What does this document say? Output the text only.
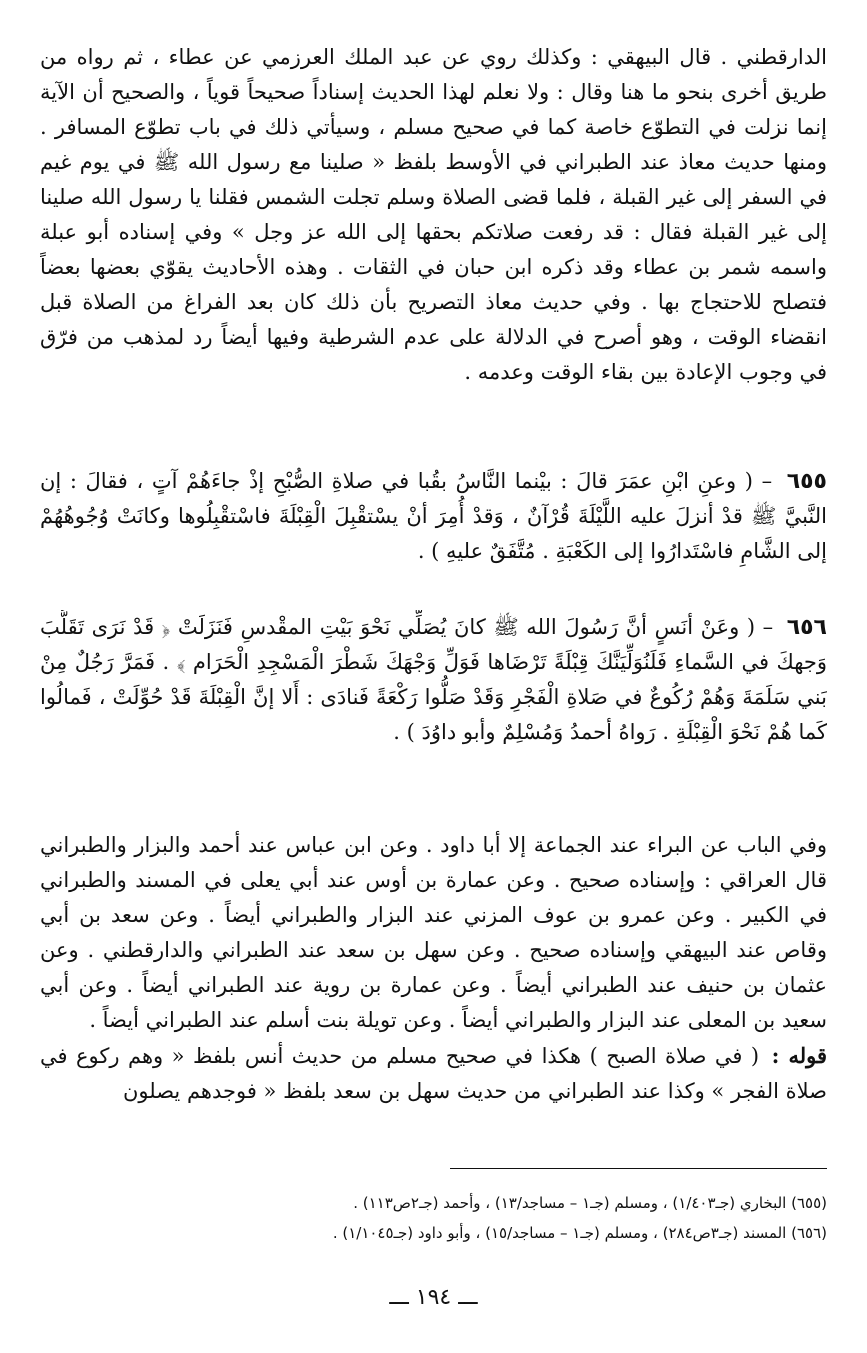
الدارقطني . قال البيهقي : وكذلك روي عن عبد الملك العرزمي عن عطاء ، ثم رواه من طريق أخرى بنحو ما هنا وقال : ولا نعلم لهذا الحديث إسناداً صحيحاً قوياً ، والصحيح أن الآية إنما نزلت في التطوّع خاصة كما في صحيح مسلم ، وسيأتي ذلك في باب تطوّع المسافر . ومنها حديث معاذ عند الطبراني في الأوسط بلفظ « صلينا مع رسول الله ﷺ في يوم غيم في السفر إلى غير القبلة ، فلما قضى الصلاة وسلم تجلت الشمس فقلنا يا رسول الله صلينا إلى غير القبلة فقال : قد رفعت صلاتكم بحقها إلى الله عز وجل » وفي إسناده أبو عبلة واسمه شمر بن عطاء وقد ذكره ابن حبان في الثقات . وهذه الأحاديث يقوّي بعضها بعضاً فتصلح للاحتجاج بها . وفي حديث معاذ التصريح بأن ذلك كان بعد الفراغ من الصلاة قبل انقضاء الوقت ، وهو أصرح في الدلالة على عدم الشرطية وفيها أيضاً رد لمذهب من فرّق في وجوب الإعادة بين بقاء الوقت وعدمه .

٦٥٥ – ( وعنِ ابْنِ عمَرَ قالَ : بيْنما النَّاسُ بقُبا في صلاةِ الصُّبْحِ إذْ جاءَهُمْ آتٍ ، فقالَ : إن النَّبيَّ ﷺ قدْ أنزلَ عليه اللَّيْلَةَ قُرْآنٌ ، وَقدْ أُمِرَ أنْ يسْتقْبِلَ الْقِبْلَةَ فاسْتقْبِلُوها وكانَتْ وُجُوهُهُمْ إلى الشَّامِ فاسْتَدارُوا إلى الكَعْبَةِ . مُتَّفَقٌ عليهِ ) .

٦٥٦ – ( وعَنْ أنَسٍ أنَّ رَسُولَ الله ﷺ كانَ يُصَلِّي نَحْوَ بَيْتِ المقْدسِ فَنَزَلَتْ ﴿ قَدْ نَرَى تَقَلُّبَ وَجهكَ في السَّماءِ فَلَنُوَلِّيَنَّكَ قِبْلَةً تَرْضَاها فَوَلِّ وَجْهَكَ شَطْرَ الْمَسْجِدِ الْحَرَام ﴾ . فَمَرَّ رَجُلٌ مِنْ بَني سَلَمَةَ وَهُمْ رُكُوعٌ في صَلاةِ الْفَجْرِ وَقَدْ صَلُّوا رَكْعَةً فَنادَى : أَلا إنَّ الْقِبْلَةَ قَدْ حُوِّلَتْ ، فَمالُوا كَما هُمْ نَحْوَ الْقِبْلَةِ . رَواهُ أحمدُ وَمُسْلِمٌ وأبو داوُدَ ) .

وفي الباب عن البراء عند الجماعة إلا أبا داود . وعن ابن عباس عند أحمد والبزار والطبراني قال العراقي : وإسناده صحيح . وعن عمارة بن أوس عند أبي يعلى في المسند والطبراني في الكبير . وعن عمرو بن عوف المزني عند البزار والطبراني أيضاً . وعن سعد بن أبي وقاص عند البيهقي وإسناده صحيح . وعن سهل بن سعد عند الطبراني والدارقطني . وعن عثمان بن حنيف عند الطبراني أيضاً . وعن عمارة بن روية عند الطبراني أيضاً . وعن أبي سعيد بن المعلى عند البزار والطبراني أيضاً . وعن تويلة بنت أسلم عند الطبراني أيضاً .

قوله : ( في صلاة الصبح ) هكذا في صحيح مسلم من حديث أنس بلفظ « وهم ركوع في صلاة الفجر » وكذا عند الطبراني من حديث سهل بن سعد بلفظ « فوجدهم يصلون

(٦٥٥) البخاري (جـ١/٤٠٣) ، ومسلم (جـ١ – مساجد/١٣) ، وأحمد (جـ٢ص١١٣) .

(٦٥٦) المسند (جـ٣ص٢٨٤) ، ومسلم (جـ١ – مساجد/١٥) ، وأبو داود (جـ١/١٠٤٥) .

ـــ ١٩٤ ـــ
